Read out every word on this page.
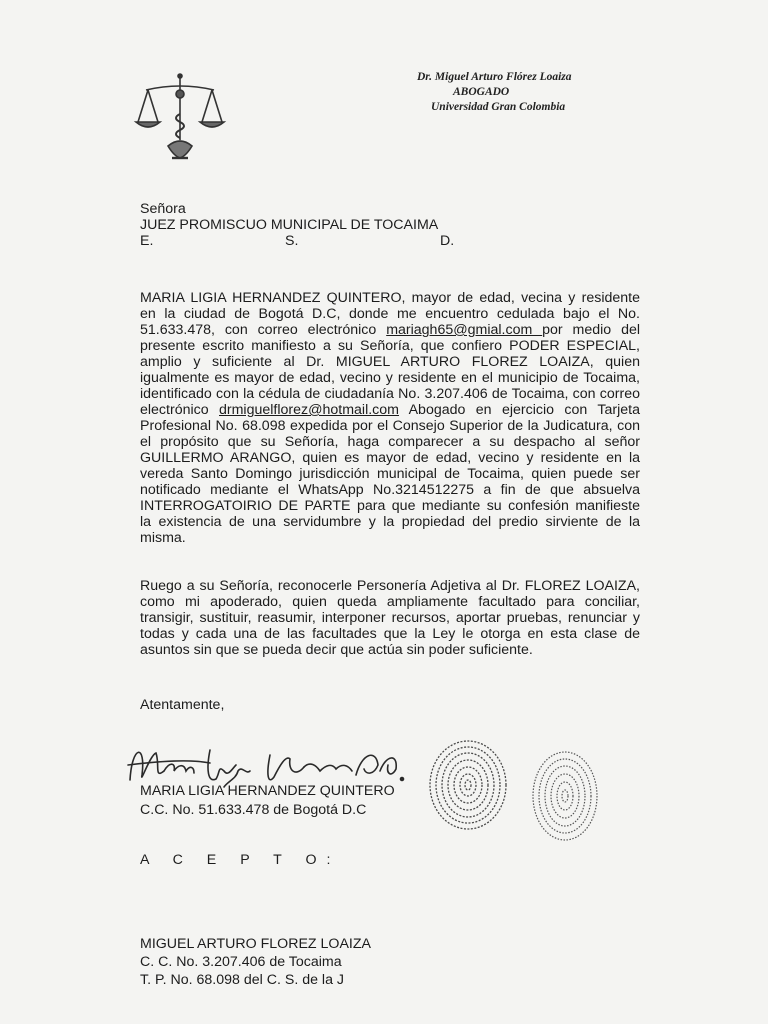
Dr. Miguel Arturo Flórez Loaiza
ABOGADO
Universidad Gran Colombia
Señora
JUEZ PROMISCUO MUNICIPAL DE TOCAIMA
E.	S.	D.
MARIA LIGIA HERNANDEZ QUINTERO, mayor de edad, vecina y residente
en la ciudad de Bogotá D.C, donde me encuentro cedulada bajo el No.
51.633.478, con correo electrónico mariagh65@gmial.com por medio del
presente escrito manifiesto a su Señoría, que confiero PODER ESPECIAL,
amplio y suficiente al Dr. MIGUEL ARTURO FLOREZ LOAIZA, quien
igualmente es mayor de edad, vecino y residente en el municipio de Tocaima,
identificado con la cédula de ciudadanía No. 3.207.406 de Tocaima, con correo
electrónico drmiguelflorez@hotmail.com Abogado en ejercicio con Tarjeta
Profesional No. 68.098 expedida por el Consejo Superior de la Judicatura, con
el propósito que su Señoría, haga comparecer a su despacho al señor
GUILLERMO ARANGO, quien es mayor de edad, vecino y residente en la
vereda Santo Domingo jurisdicción municipal de Tocaima, quien puede ser
notificado mediante el WhatsApp No.3214512275 a fin de que absuelva
INTERROGATOIRIO DE PARTE para que mediante su confesión manifieste
la existencia de una servidumbre y la propiedad del predio sirviente de la
misma.
Ruego a su Señoría, reconocerle Personería Adjetiva al Dr. FLOREZ LOAIZA,
como mi apoderado, quien queda ampliamente facultado para conciliar,
transigir, sustituir, reasumir, interponer recursos, aportar pruebas, renunciar y
todas y cada una de las facultades que la Ley le otorga en esta clase de
asuntos sin que se pueda decir que actúa sin poder suficiente.
Atentamente,
MARIA LIGIA HERNANDEZ QUINTERO
C.C. No. 51.633.478 de Bogotá D.C
A C E P T O:
MIGUEL ARTURO FLOREZ LOAIZA
C. C. No. 3.207.406 de Tocaima
T. P. No. 68.098 del C. S. de la J
